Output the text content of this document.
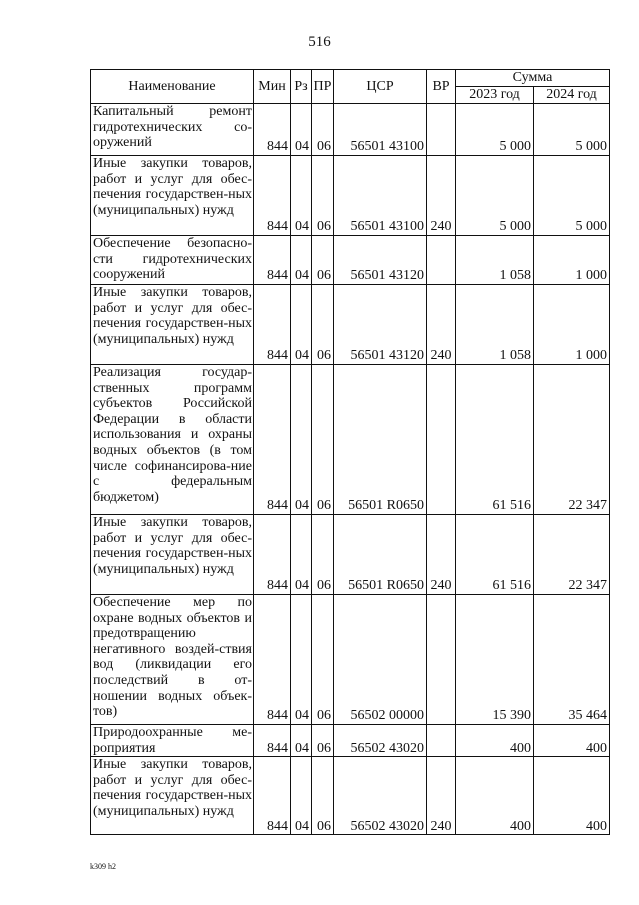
516
Наименование	Мин	Рз	ПР	ЦСР	ВР	Сумма	
						2023 год	2024 год
Капитальный ремонт гидротехнических со-оружений	844	04	06	56501 43100		5 000	5 000
Иные закупки товаров, работ и услуг для обес-печения государствен-ных (муниципальных) нужд	844	04	06	56501 43100	240	5 000	5 000
Обеспечение безопасно-сти гидротехнических сооружений	844	04	06	56501 43120		1 058	1 000
Иные закупки товаров, работ и услуг для обес-печения государствен-ных (муниципальных) нужд	844	04	06	56501 43120	240	1 058	1 000
Реализация государ-ственных программ субъектов Российской Федерации в области использования и охраны водных объектов (в том числе софинансирова-ние с федеральным бюджетом)	844	04	06	56501 R0650		61 516	22 347
Иные закупки товаров, работ и услуг для обес-печения государствен-ных (муниципальных) нужд	844	04	06	56501 R0650	240	61 516	22 347
Обеспечение мер по охране водных объектов и предотвращению негативного воздей-ствия вод (ликвидации его последствий в от-ношении водных объек-тов)	844	04	06	56502 00000		15 390	35 464
Природоохранные ме-роприятия	844	04	06	56502 43020		400	400
Иные закупки товаров, работ и услуг для обес-печения государствен-ных (муниципальных) нужд	844	04	06	56502 43020	240	400	400
k309 h2
